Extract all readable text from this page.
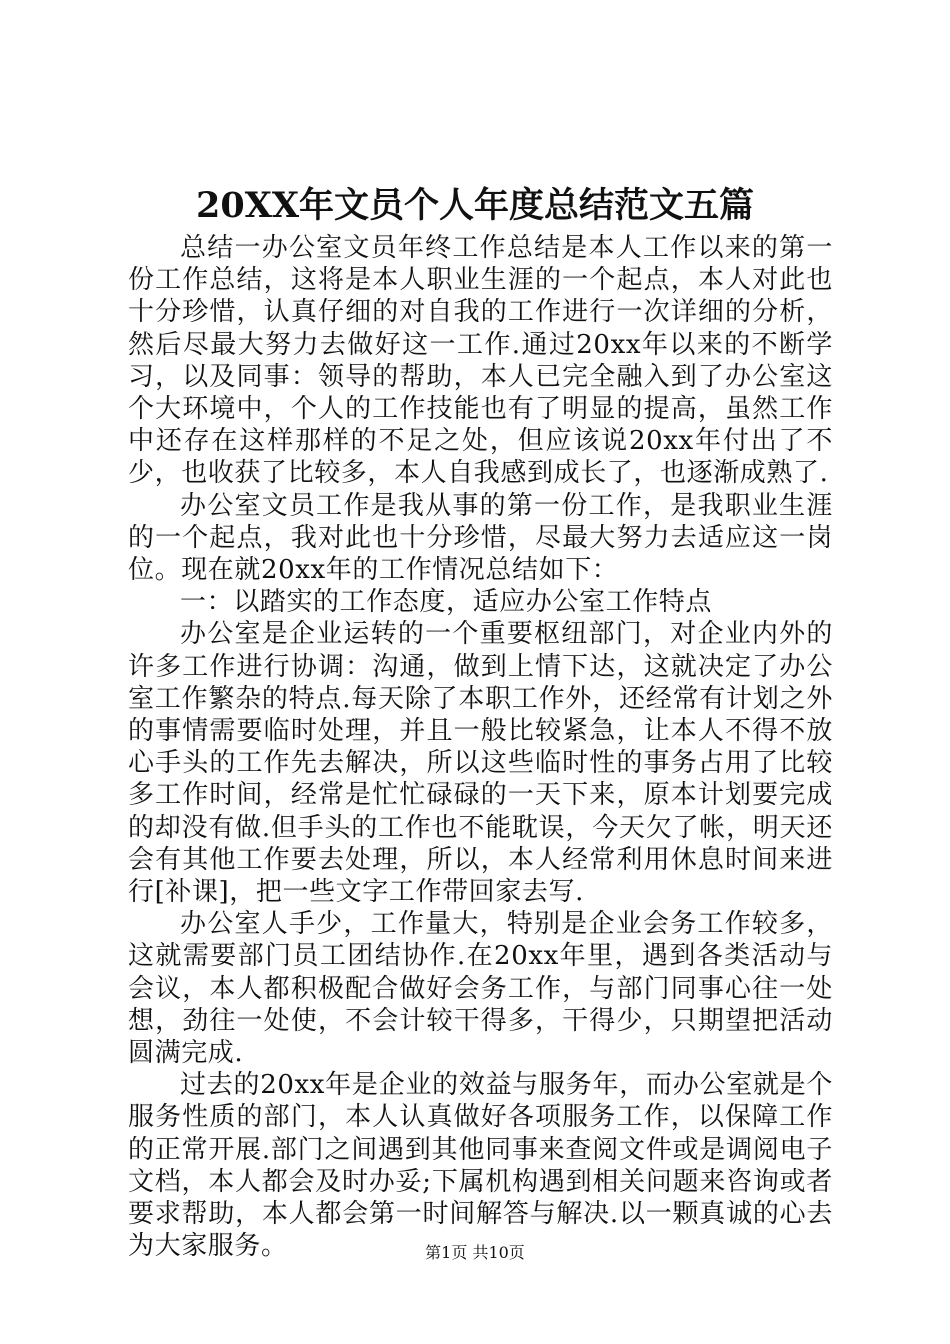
20XX年文员个人年度总结范文五篇

总结一办公室文员年终工作总结是本人工作以来的第一份工作总结，这将是本人职业生涯的一个起点，本人对此也十分珍惜，认真仔细的对自我的工作进行一次详细的分析，然后尽最大努力去做好这一工作.通过20xx年以来的不断学习，以及同事：领导的帮助，本人已完全融入到了办公室这个大环境中，个人的工作技能也有了明显的提高，虽然工作中还存在这样那样的不足之处，但应该说20xx年付出了不少，也收获了比较多，本人自我感到成长了，也逐渐成熟了.

办公室文员工作是我从事的第一份工作，是我职业生涯的一个起点，我对此也十分珍惜，尽最大努力去适应这一岗位。现在就20xx年的工作情况总结如下：

一：以踏实的工作态度，适应办公室工作特点

办公室是企业运转的一个重要枢纽部门，对企业内外的许多工作进行协调：沟通，做到上情下达，这就决定了办公室工作繁杂的特点.每天除了本职工作外，还经常有计划之外的事情需要临时处理，并且一般比较紧急，让本人不得不放心手头的工作先去解决，所以这些临时性的事务占用了比较多工作时间，经常是忙忙碌碌的一天下来，原本计划要完成的却没有做.但手头的工作也不能耽误，今天欠了帐，明天还会有其他工作要去处理，所以，本人经常利用休息时间来进行[补课]，把一些文字工作带回家去写.

办公室人手少，工作量大，特别是企业会务工作较多，这就需要部门员工团结协作.在20xx年里，遇到各类活动与会议，本人都积极配合做好会务工作，与部门同事心往一处想，劲往一处使，不会计较干得多，干得少，只期望把活动圆满完成.

过去的20xx年是企业的效益与服务年，而办公室就是个服务性质的部门，本人认真做好各项服务工作，以保障工作的正常开展.部门之间遇到其他同事来查阅文件或是调阅电子文档，本人都会及时办妥;下属机构遇到相关问题来咨询或者要求帮助，本人都会第一时间解答与解决.以一颗真诚的心去为大家服务。	第1页 共10页
